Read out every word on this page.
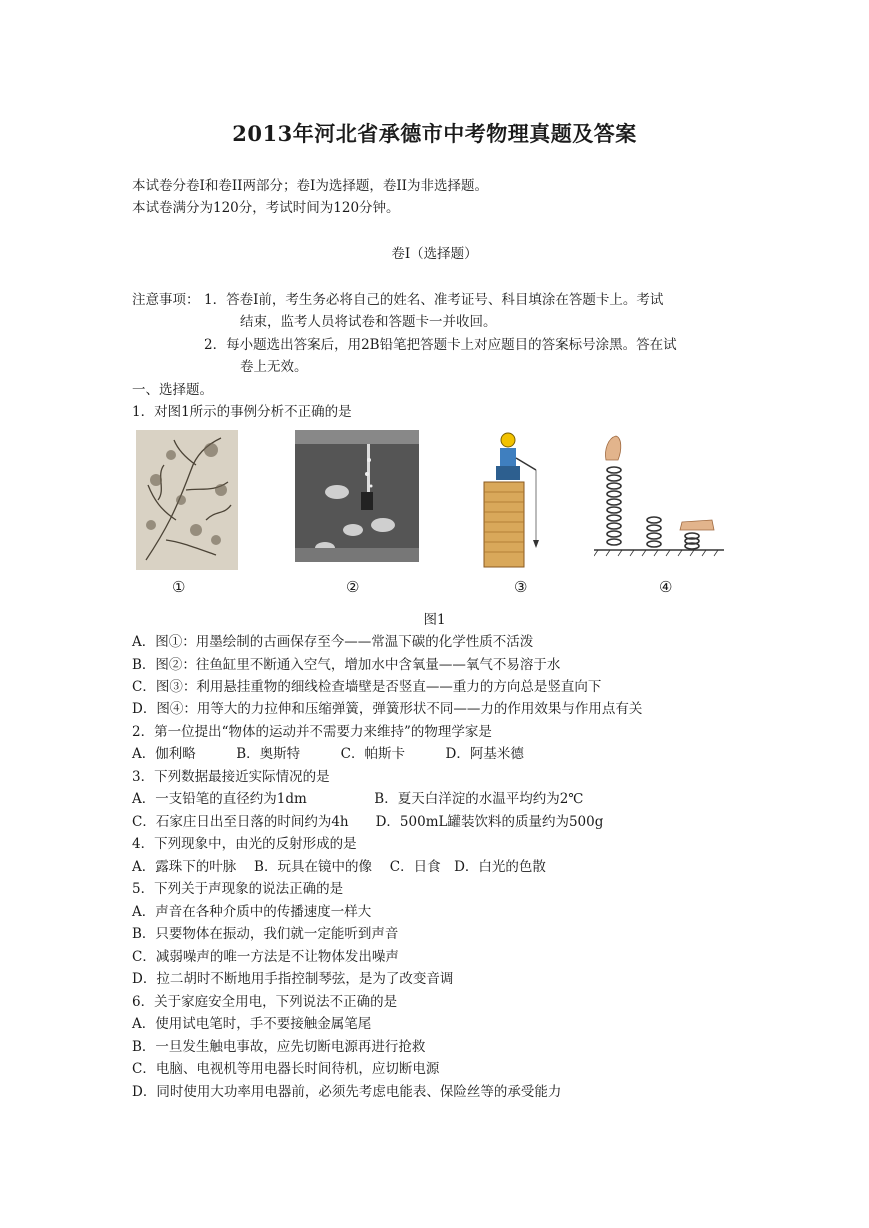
2013年河北省承德市中考物理真题及答案
本试卷分卷I和卷II两部分；卷I为选择题，卷II为非选择题。
本试卷满分为120分，考试时间为120分钟。
卷I（选择题）
注意事项： 1．答卷I前，考生务必将自己的姓名、准考证号、科目填涂在答题卡上。考试
结束，监考人员将试卷和答题卡一并收回。
2．每小题选出答案后，用2B铅笔把答题卡上对应题目的答案标号涂黑。答在试
卷上无效。
一、选择题。
1．对图1所示的事例分析不正确的是
①	②	③	④
图1
A．图①：用墨绘制的古画保存至今——常温下碳的化学性质不活泼
B．图②：往鱼缸里不断通入空气，增加水中含氧量——氧气不易溶于水
C．图③：利用悬挂重物的细线检查墙壁是否竖直——重力的方向总是竖直向下
D．图④：用等大的力拉伸和压缩弹簧，弹簧形状不同——力的作用效果与作用点有关
2．第一位提出“物体的运动并不需要力来维持”的物理学家是
A．伽利略　　　B．奥斯特　　　C．帕斯卡　　　D．阿基米德
3．下列数据最接近实际情况的是
A．一支铅笔的直径约为1dm　　　　　B．夏天白洋淀的水温平均约为2℃
C．石家庄日出至日落的时间约为4h　　D．500mL罐装饮料的质量约为500g
4．下列现象中，由光的反射形成的是
A．露珠下的叶脉　 B．玩具在镜中的像　 C．日食　D．白光的色散
5．下列关于声现象的说法正确的是
A．声音在各种介质中的传播速度一样大
B．只要物体在振动，我们就一定能听到声音
C．减弱噪声的唯一方法是不让物体发出噪声
D．拉二胡时不断地用手指控制琴弦，是为了改变音调
6．关于家庭安全用电，下列说法不正确的是
A．使用试电笔时，手不要接触金属笔尾
B．一旦发生触电事故，应先切断电源再进行抢救
C．电脑、电视机等用电器长时间待机，应切断电源
D．同时使用大功率用电器前，必须先考虑电能表、保险丝等的承受能力
